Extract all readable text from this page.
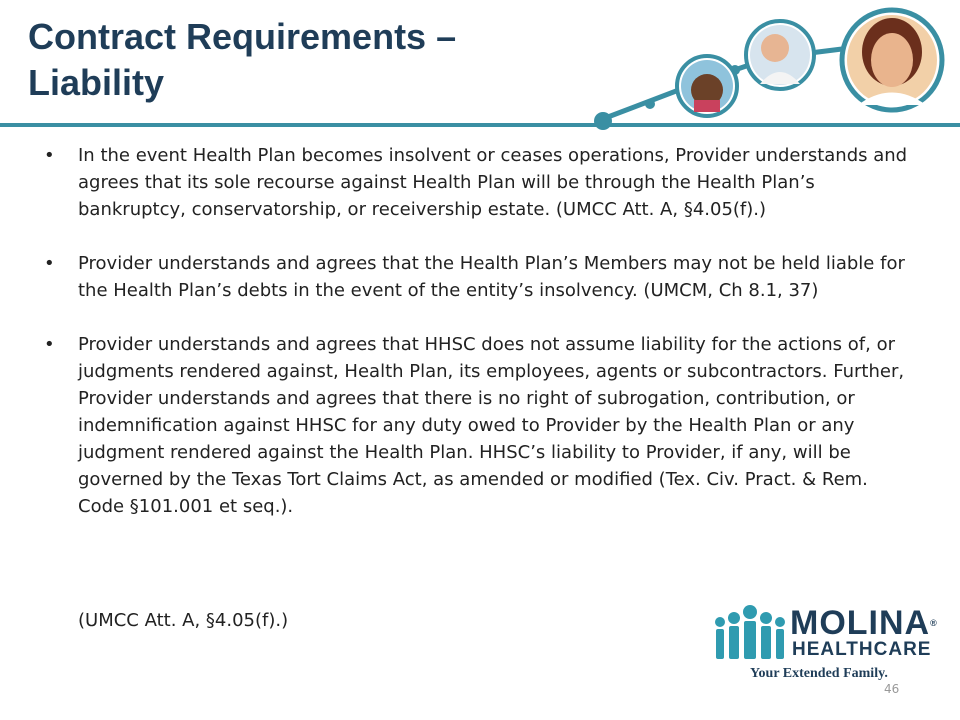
Contract Requirements –
Liability
• In the event Health Plan becomes insolvent or ceases operations, Provider understands and agrees that its sole recourse against Health Plan will be through the Health Plan’s bankruptcy, conservatorship, or receivership estate. (UMCC Att. A, §4.05(f).)
• Provider understands and agrees that the Health Plan’s Members may not be held liable for the Health Plan’s debts in the event of the entity’s insolvency. (UMCM, Ch 8.1, 37)
• Provider understands and agrees that HHSC does not assume liability for the actions of, or judgments rendered against, Health Plan, its employees, agents or subcontractors. Further, Provider understands and agrees that there is no right of subrogation, contribution, or indemnification against HHSC for any duty owed to Provider by the Health Plan or any judgment rendered against the Health Plan. HHSC’s liability to Provider, if any, will be governed by the Texas Tort Claims Act, as amended or modified (Tex. Civ. Pract. & Rem. Code §101.001 et seq.).
(UMCC Att. A, §4.05(f).)	MOLINA®
HEALTHCARE
Your Extended Family.
46
